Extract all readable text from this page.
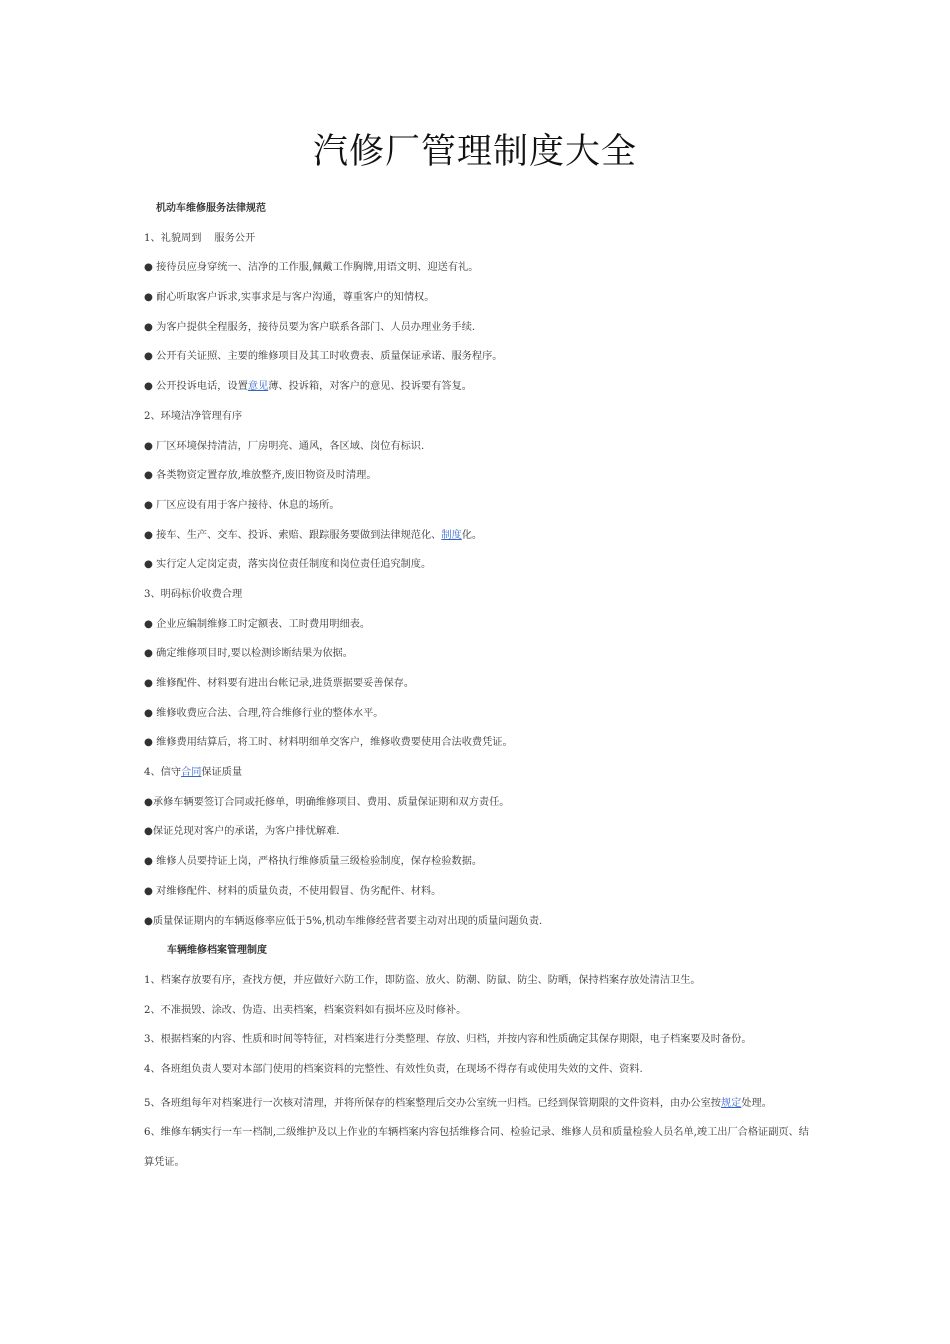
汽修厂管理制度大全
机动车维修服务法律规范
1、礼貌周到 服务公开
● 接待员应身穿统一、洁净的工作服,佩戴工作胸牌,用语文明、迎送有礼。
● 耐心听取客户诉求,实事求是与客户沟通，尊重客户的知情权。
● 为客户提供全程服务，接待员要为客户联系各部门、人员办理业务手续.
● 公开有关证照、主要的维修项目及其工时收费表、质量保证承诺、服务程序。
● 公开投诉电话，设置意见薄、投诉箱，对客户的意见、投诉要有答复。
2、环境洁净管理有序
● 厂区环境保持清洁，厂房明亮、通风，各区域、岗位有标识.
● 各类物资定置存放,堆放整齐,废旧物资及时清理。
● 厂区应设有用于客户接待、休息的场所。
● 接车、生产、交车、投诉、索赔、跟踪服务要做到法律规范化、制度化。
● 实行定人定岗定责，落实岗位责任制度和岗位责任追究制度。
3、明码标价收费合理
● 企业应编制维修工时定额表、工时费用明细表。
● 确定维修项目时,要以检测诊断结果为依据。
● 维修配件、材料要有进出台帐记录,进货票据要妥善保存。
● 维修收费应合法、合理,符合维修行业的整体水平。
● 维修费用结算后，将工时、材料明细单交客户，维修收费要使用合法收费凭证。
4、信守合同保证质量
●承修车辆要签订合同或托修单，明确维修项目、费用、质量保证期和双方责任。
●保证兑现对客户的承诺，为客户排忧解难.
● 维修人员要持证上岗，严格执行维修质量三级检验制度，保存检验数据。
● 对维修配件、材料的质量负责，不使用假冒、伪劣配件、材料。
●质量保证期内的车辆返修率应低于5%,机动车维修经营者要主动对出现的质量问题负责.
车辆维修档案管理制度
1、档案存放要有序，查找方便，并应做好六防工作，即防盗、放火、防潮、防鼠、防尘、防晒，保持档案存放处清洁卫生。
2、不准损毁、涂改、伪造、出卖档案，档案资料如有损坏应及时修补。
3、根据档案的内容、性质和时间等特征，对档案进行分类整理、存放、归档，并按内容和性质确定其保存期限，电子档案要及时备份。
4、各班组负责人要对本部门使用的档案资料的完整性、有效性负责，在现场不得存有或使用失效的文件、资料.
5、各班组每年对档案进行一次核对清理，并将所保存的档案整理后交办公室统一归档。已经到保管期限的文件资料，由办公室按规定处理。
6、维修车辆实行一车一档制,二级维护及以上作业的车辆档案内容包括维修合同、检验记录、维修人员和质量检验人员名单,竣工出厂合格证副页、结算凭证。
